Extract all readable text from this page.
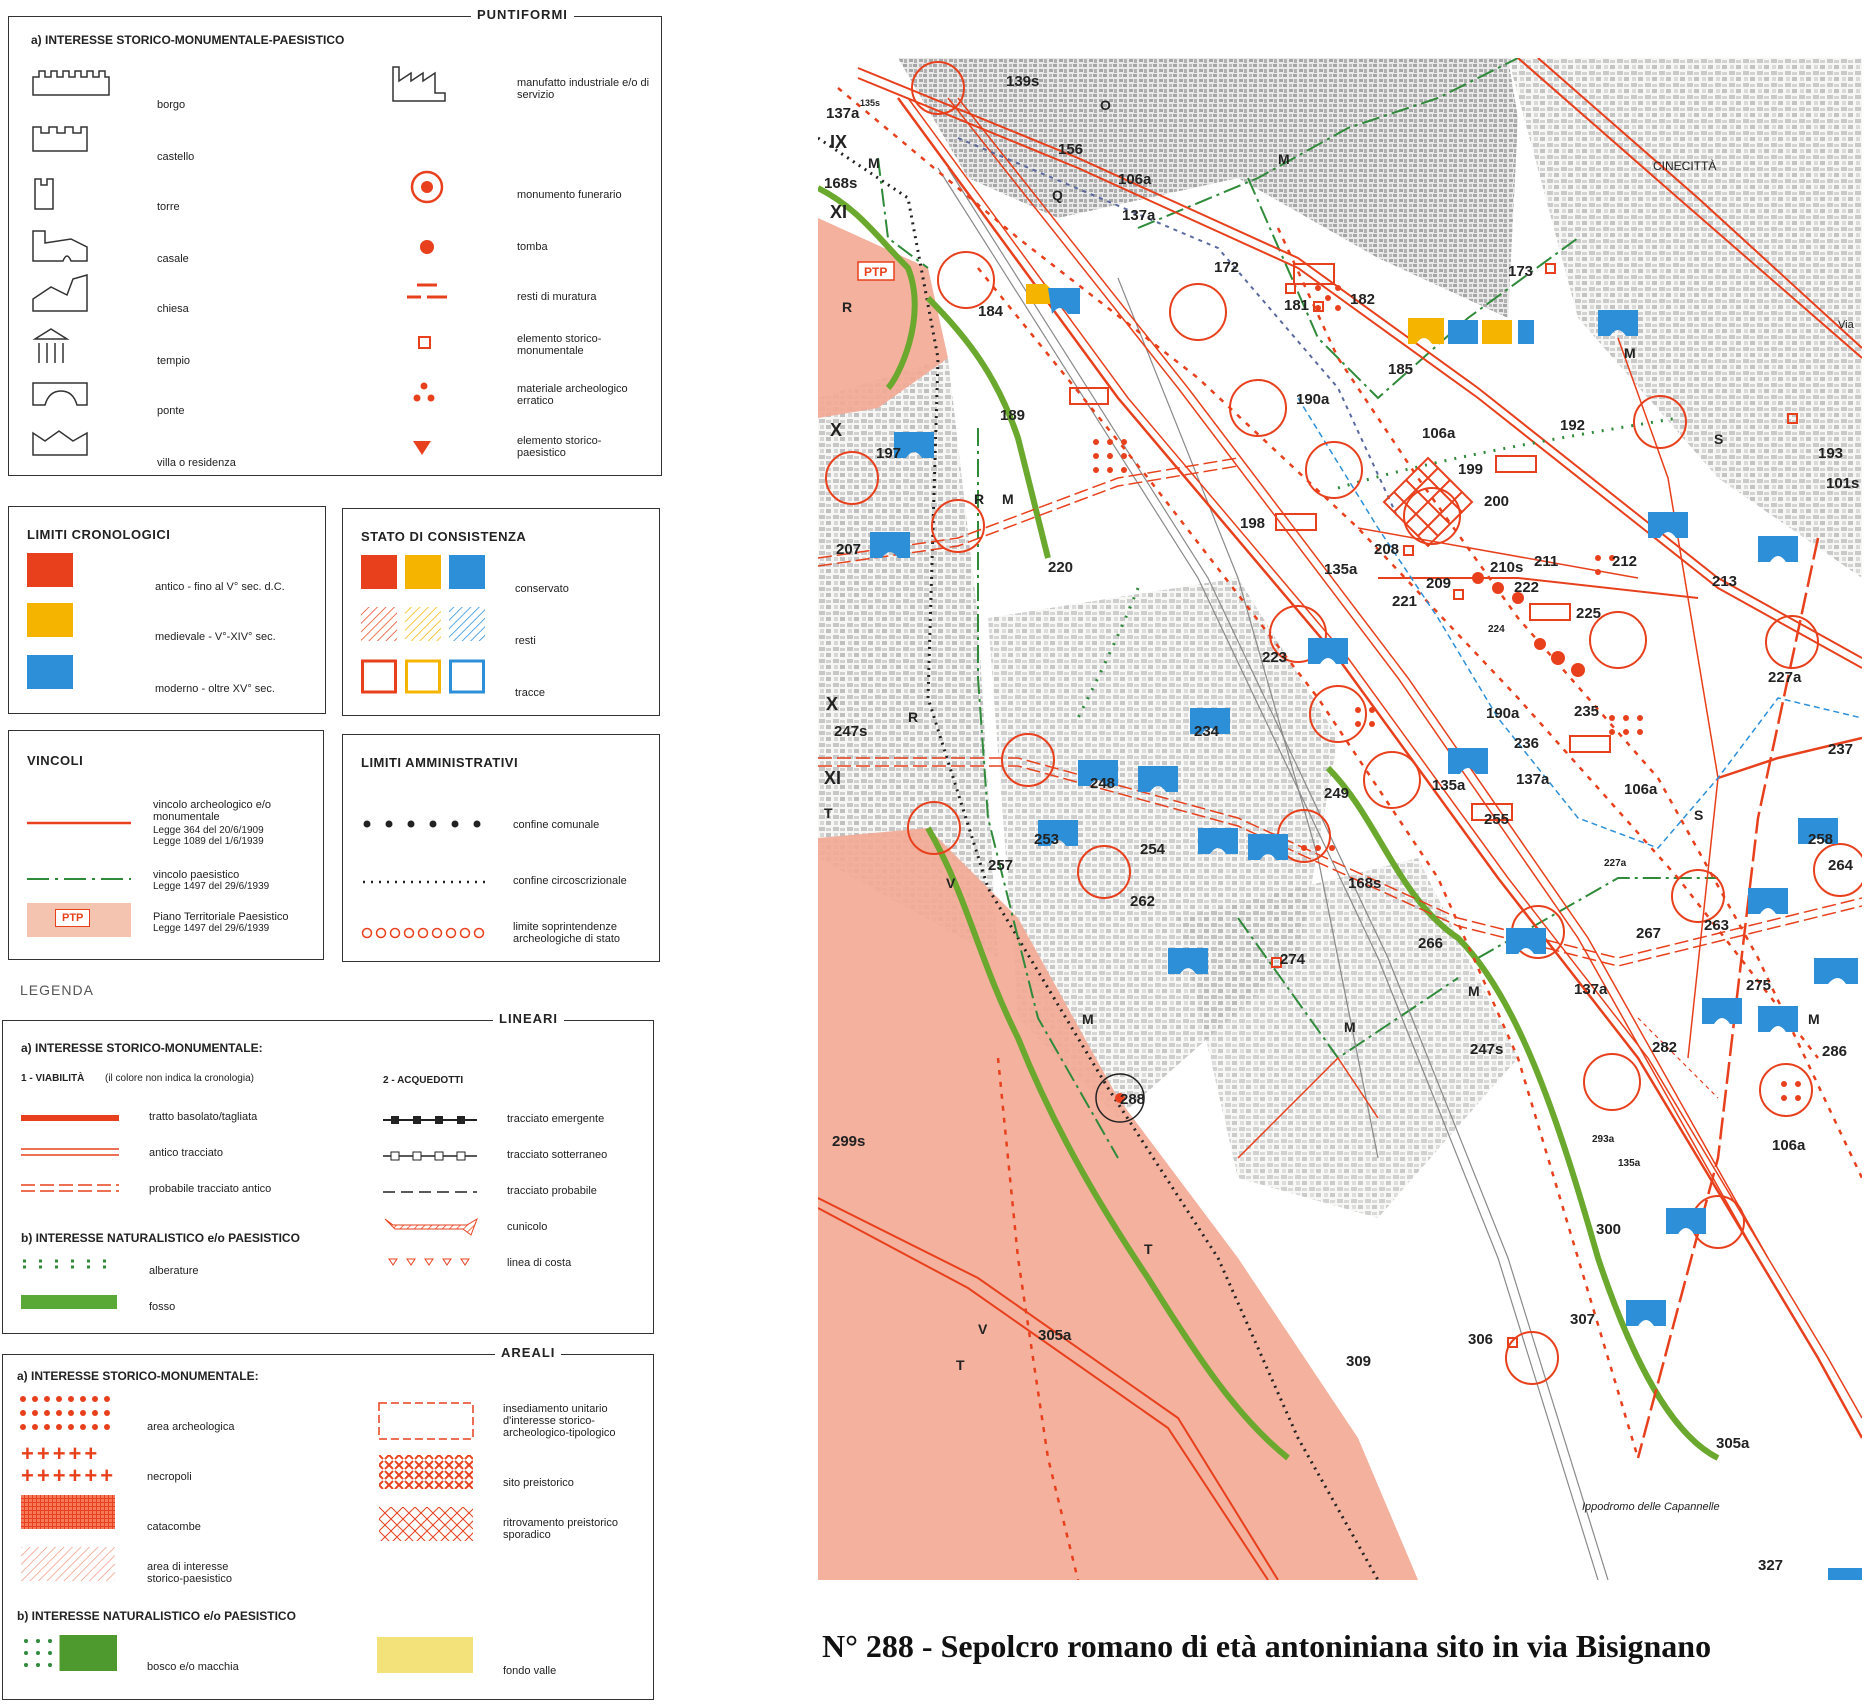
PUNTIFORMI
a) INTERESSE STORICO-MONUMENTALE-PAESISTICO
borgo
castello
torre
casale
chiesa
tempio
ponte
villa o residenza
manufatto industriale e/o di servizio
monumento funerario
tomba
resti di muratura
elemento storico-monumentale
materiale archeologico erratico
elemento storico-paesistico
LIMITI CRONOLOGICI
antico - fino al V° sec. d.C.
medievale - V°-XIV° sec.
moderno - oltre XV° sec.
STATO DI CONSISTENZA
conservato
resti
tracce
VINCOLI
vincolo archeologico e/o monumentale
Legge 364 del 20/6/1909
Legge 1089 del 1/6/1939
vincolo paesistico
Legge 1497 del 29/6/1939
PTP	Piano Territoriale Paesistico
Legge 1497 del 29/6/1939
LIMITI AMMINISTRATIVI
confine comunale
confine circoscrizionale
limite soprintendenze archeologiche di stato
LEGENDA
LINEARI
a) INTERESSE STORICO-MONUMENTALE:
1 - VIABILITÀ (il colore non indica la cronologia)	2 - ACQUEDOTTI
tratto basolato/tagliata
antico tracciato
probabile tracciato antico
tracciato emergente
tracciato sotterraneo
tracciato probabile
cunicolo
linea di costa
b) INTERESSE NATURALISTICO e/o PAESISTICO
alberature
fosso
AREALI
a) INTERESSE STORICO-MONUMENTALE:
area archeologica
+++++
++++++	necropoli
catacombe
area di interesse storico-paesistico
insediamento unitario d'interesse storico-archeologico-tipologico
sito preistorico
ritrovamento preistorico sporadico
b) INTERESSE NATURALISTICO e/o PAESISTICO
bosco e/o macchia	fondo valle
PTP
139s
137a
135s
IX
M
O
156
106a
Q
137a
M	CINECITTÀ
168s
XI
R
172
181	182
173
184
Via
185
190a
M
189
106a	192
X
197
S
193
101s
199
200
R M
198
208
210s 211	212
207
220	135a
209	222	213
221
224
225
223
227a
190a	235
X
R
236
247s	234
237
137a
248	106a
XI
249	135a
255
T
253
S
254
227a
258
264
257
V
262
267	263
168s
266
274
275
M	137a
M	M
282	286
M
247s
288
293a
135a
106a
299s
300
T
V
307
T
305a	306
309
305a
Ippodromo delle Capannelle
327
N° 288 - Sepolcro romano di età antoniniana sito in via Bisignano
